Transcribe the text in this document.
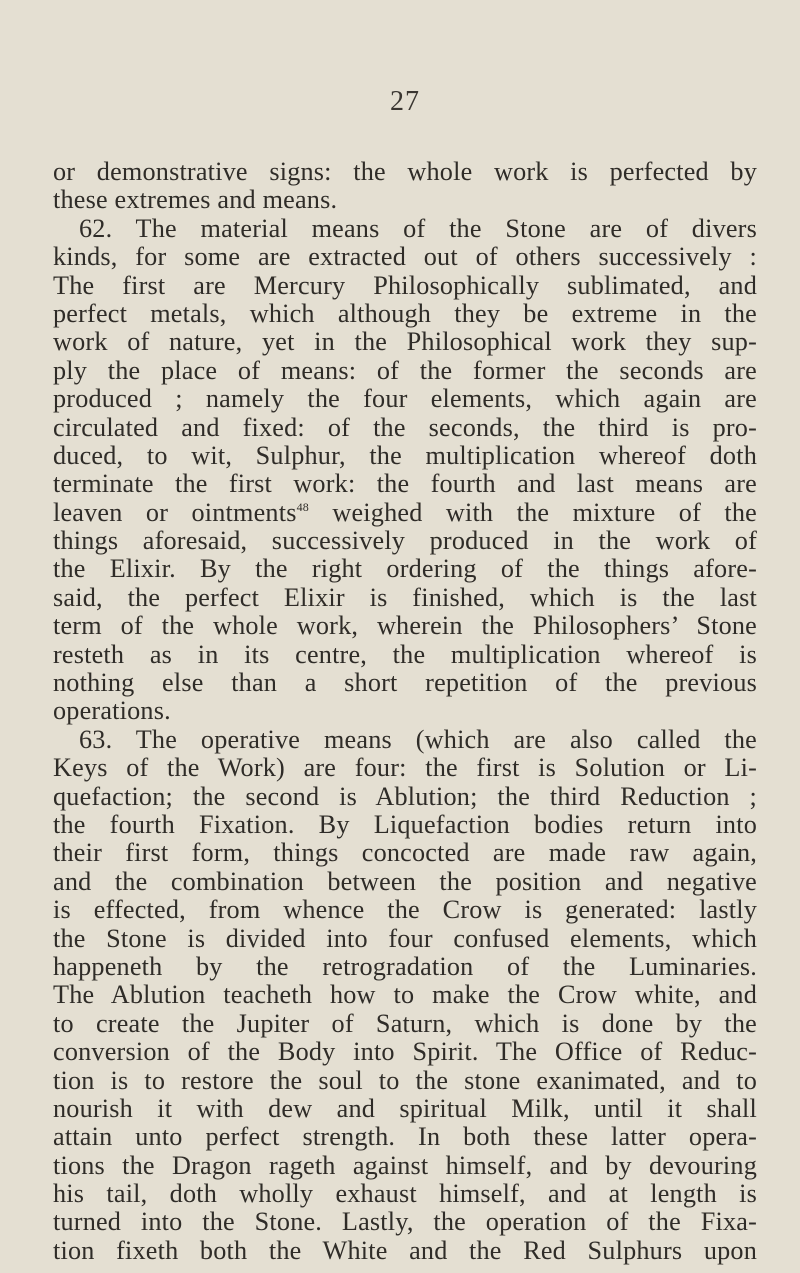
27
or demonstrative signs: the whole work is perfected by
these extremes and means.
62. The material means of the Stone are of divers
kinds, for some are extracted out of others successively :
The first are Mercury Philosophically sublimated, and
perfect metals, which although they be extreme in the
work of nature, yet in the Philosophical work they sup-
ply the place of means: of the former the seconds are
produced ; namely the four elements, which again are
circulated and fixed: of the seconds, the third is pro-
duced, to wit, Sulphur, the multiplication whereof doth
terminate the first work: the fourth and last means are
leaven or ointments$^{48}$ weighed with the mixture of the
things aforesaid, successively produced in the work of
the Elixir. By the right ordering of the things afore-
said, the perfect Elixir is finished, which is the last
term of the whole work, wherein the Philosophers’ Stone
resteth as in its centre, the multiplication whereof is
nothing else than a short repetition of the previous
operations.
63. The operative means (which are also called the
Keys of the Work) are four: the first is Solution or Li-
quefaction; the second is Ablution; the third Reduction ;
the fourth Fixation. By Liquefaction bodies return into
their first form, things concocted are made raw again,
and the combination between the position and negative
is effected, from whence the Crow is generated: lastly
the Stone is divided into four confused elements, which
happeneth by the retrogradation of the Luminaries.
The Ablution teacheth how to make the Crow white, and
to create the Jupiter of Saturn, which is done by the
conversion of the Body into Spirit. The Office of Reduc-
tion is to restore the soul to the stone exanimated, and to
nourish it with dew and spiritual Milk, until it shall
attain unto perfect strength. In both these latter opera-
tions the Dragon rageth against himself, and by devouring
his tail, doth wholly exhaust himself, and at length is
turned into the Stone. Lastly, the operation of the Fixa-
tion fixeth both the White and the Red Sulphurs upon
